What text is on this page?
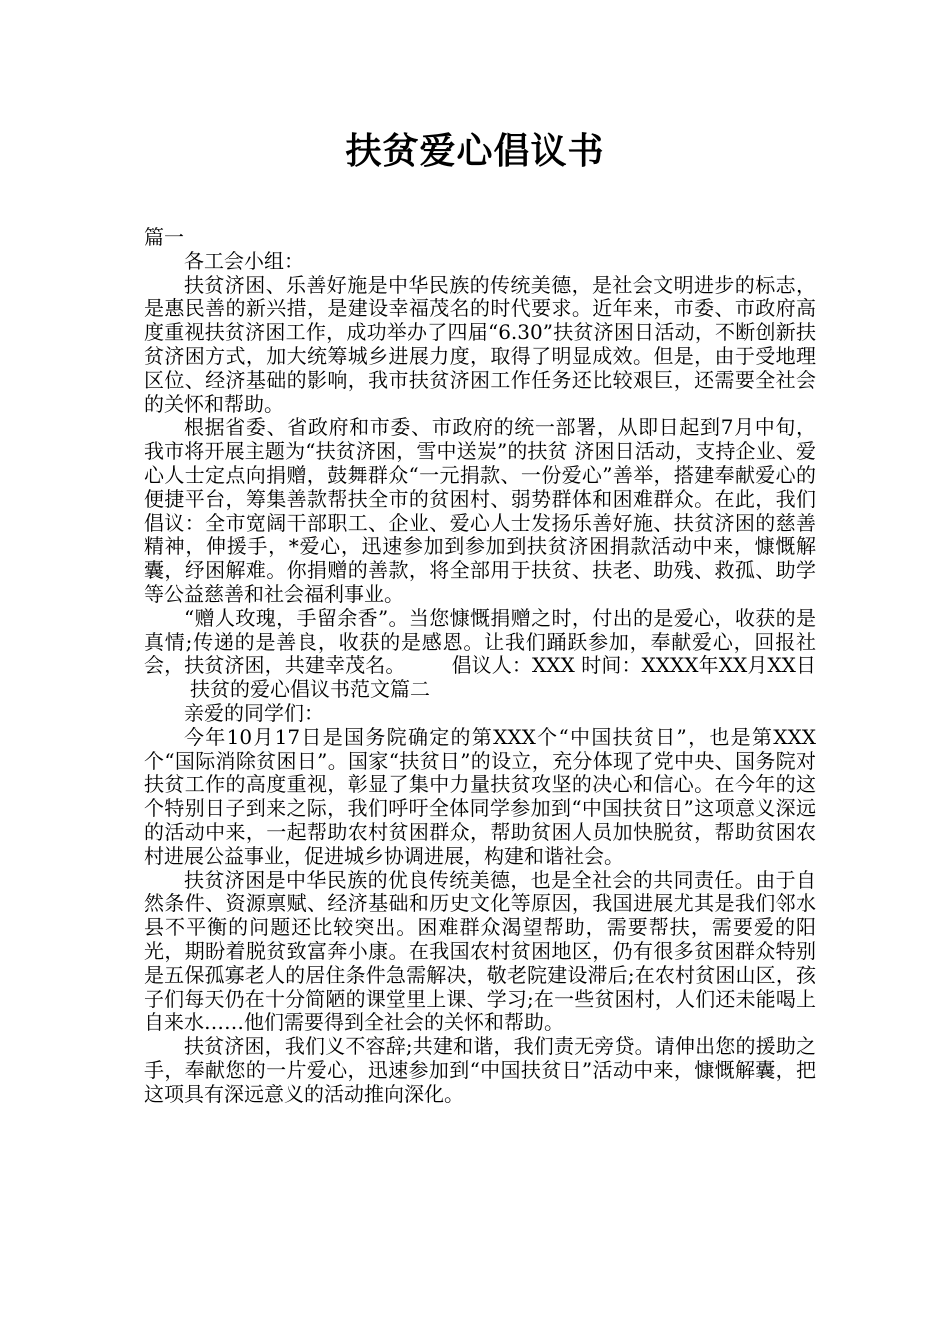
扶贫爱心倡议书

篇一

各工会小组：

扶贫济困、乐善好施是中华民族的传统美德，是社会文明进步的标志，是惠民善的新兴措，是建设幸福茂名的时代要求。近年来，市委、市政府高度重视扶贫济困工作，成功举办了四届“6.30”扶贫济困日活动，不断创新扶贫济困方式，加大统筹城乡进展力度，取得了明显成效。但是，由于受地理区位、经济基础的影响，我市扶贫济困工作任务还比较艰巨，还需要全社会的关怀和帮助。

根据省委、省政府和市委、市政府的统一部署，从即日起到7月中旬，我市将开展主题为“扶贫济困，雪中送炭”的扶贫 济困日活动，支持企业、爱心人士定点向捐赠，鼓舞群众“一元捐款、一份爱心”善举，搭建奉献爱心的便捷平台，筹集善款帮扶全市的贫困村、弱势群体和困难群众。在此，我们倡议：全市宽阔干部职工、企业、爱心人士发扬乐善好施、扶贫济困的慈善精神，伸援手，*爱心，迅速参加到参加到扶贫济困捐款活动中来，慷慨解囊，纾困解难。你捐赠的善款，将全部用于扶贫、扶老、助残、救孤、助学等公益慈善和社会福利事业。

“赠人玫瑰，手留余香”。当您慷慨捐赠之时，付出的是爱心，收获的是真情;传递的是善良，收获的是感恩。让我们踊跃参加，奉献爱心，回报社会，扶贫济困，共建幸茂名。 倡议人：XXX 时间：XXXX年XX月XX日扶贫的爱心倡议书范文篇二

亲爱的同学们：

今年10月17日是国务院确定的第XXX个“中国扶贫日”，也是第XXX个“国际消除贫困日”。国家“扶贫日”的设立，充分体现了党中央、国务院对扶贫工作的高度重视，彰显了集中力量扶贫攻坚的决心和信心。在今年的这个特别日子到来之际，我们呼吁全体同学参加到“中国扶贫日”这项意义深远的活动中来，一起帮助农村贫困群众，帮助贫困人员加快脱贫，帮助贫困农村进展公益事业，促进城乡协调进展，构建和谐社会。

扶贫济困是中华民族的优良传统美德，也是全社会的共同责任。由于自然条件、资源禀赋、经济基础和历史文化等原因，我国进展尤其是我们邻水县不平衡的问题还比较突出。困难群众渴望帮助，需要帮扶，需要爱的阳光，期盼着脱贫致富奔小康。在我国农村贫困地区，仍有很多贫困群众特别是五保孤寡老人的居住条件急需解决，敬老院建设滞后;在农村贫困山区，孩子们每天仍在十分简陋的课堂里上课、学习;在一些贫困村，人们还未能喝上自来水……他们需要得到全社会的关怀和帮助。

扶贫济困，我们义不容辞;共建和谐，我们责无旁贷。请伸出您的援助之手，奉献您的一片爱心，迅速参加到“中国扶贫日”活动中来，慷慨解囊，把这项具有深远意义的活动推向深化。
